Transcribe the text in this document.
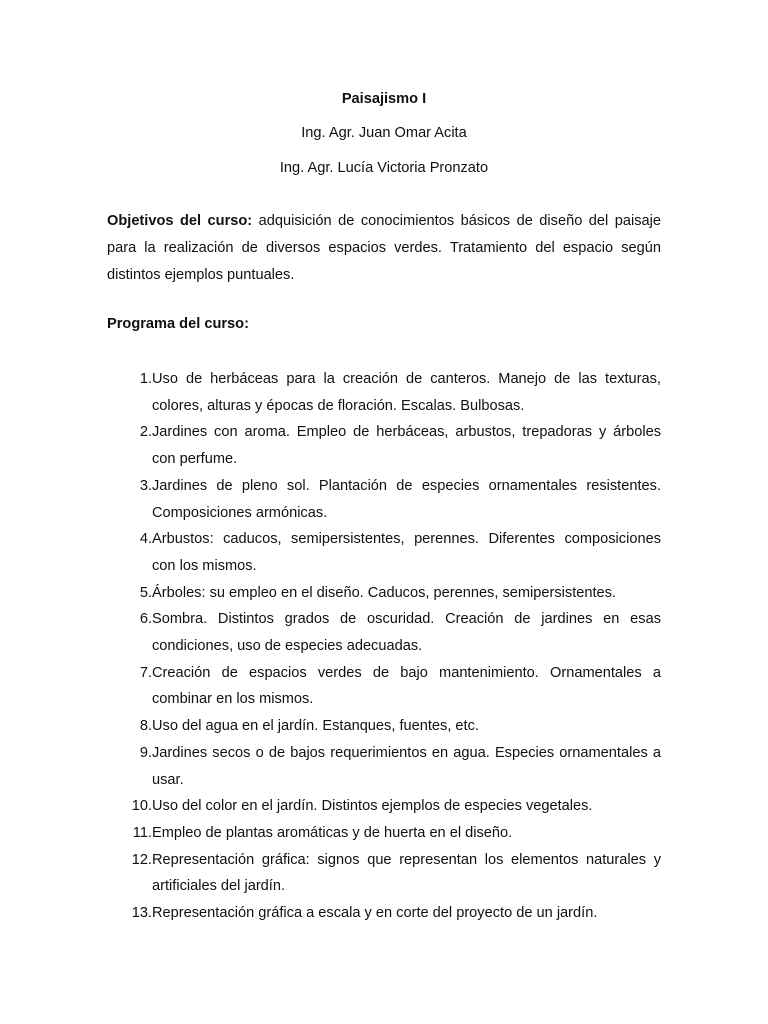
Paisajismo I
Ing. Agr. Juan Omar Acita
Ing. Agr. Lucía Victoria Pronzato
Objetivos del curso: adquisición de conocimientos básicos de diseño del paisaje para la realización de diversos espacios verdes. Tratamiento del espacio según distintos ejemplos puntuales.
Programa del curso:
1. Uso de herbáceas para la creación de canteros. Manejo de las texturas, colores, alturas y épocas de floración. Escalas. Bulbosas.
2. Jardines con aroma. Empleo de herbáceas, arbustos, trepadoras y árboles con perfume.
3. Jardines de pleno sol. Plantación de especies ornamentales resistentes. Composiciones armónicas.
4. Arbustos: caducos, semipersistentes, perennes. Diferentes composiciones con los mismos.
5. Árboles: su empleo en el diseño. Caducos, perennes, semipersistentes.
6. Sombra. Distintos grados de oscuridad. Creación de jardines en esas condiciones, uso de especies adecuadas.
7. Creación de espacios verdes de bajo mantenimiento. Ornamentales a combinar en los mismos.
8. Uso del agua en el jardín. Estanques, fuentes, etc.
9. Jardines secos o de bajos requerimientos en agua. Especies ornamentales a usar.
10. Uso del color en el jardín. Distintos ejemplos de especies vegetales.
11. Empleo de plantas aromáticas y de huerta en el diseño.
12. Representación gráfica: signos que representan los elementos naturales y artificiales del jardín.
13. Representación gráfica a escala y en corte del proyecto de un jardín.
